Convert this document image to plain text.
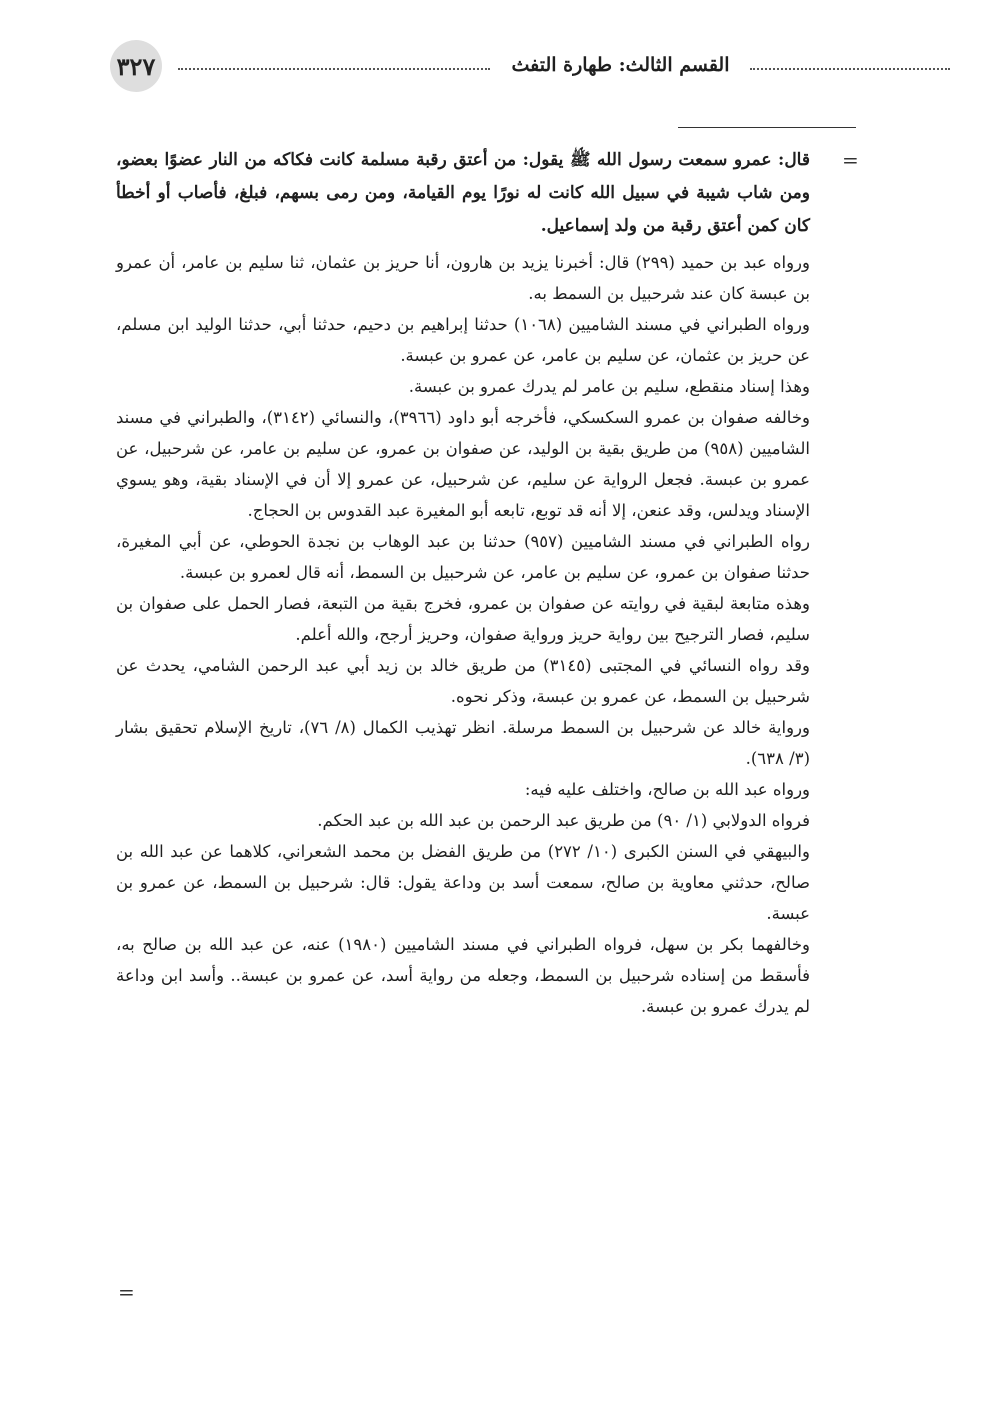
٣٢٧	القسم الثالث: طهارة التفث
=

قال: عمرو سمعت رسول الله ﷺ يقول: من أعتق رقبة مسلمة كانت فكاكه من النار عضوًا بعضو، ومن شاب شيبة في سبيل الله كانت له نورًا يوم القيامة، ومن رمى بسهم، فبلغ، فأصاب أو أخطأ كان كمن أعتق رقبة من ولد إسماعيل.

ورواه عبد بن حميد (٢٩٩) قال: أخبرنا يزيد بن هارون، أنا حريز بن عثمان، ثنا سليم بن عامر، أن عمرو بن عبسة كان عند شرحبيل بن السمط به.

ورواه الطبراني في مسند الشاميين (١٠٦٨) حدثنا إبراهيم بن دحيم، حدثنا أبي، حدثنا الوليد ابن مسلم، عن حريز بن عثمان، عن سليم بن عامر، عن عمرو بن عبسة.

وهذا إسناد منقطع، سليم بن عامر لم يدرك عمرو بن عبسة.

وخالفه صفوان بن عمرو السكسكي، فأخرجه أبو داود (٣٩٦٦)، والنسائي (٣١٤٢)، والطبراني في مسند الشاميين (٩٥٨) من طريق بقية بن الوليد، عن صفوان بن عمرو، عن سليم بن عامر، عن شرحبيل، عن عمرو بن عبسة. فجعل الرواية عن سليم، عن شرحبيل، عن عمرو إلا أن في الإسناد بقية، وهو يسوي الإسناد ويدلس، وقد عنعن، إلا أنه قد توبع، تابعه أبو المغيرة عبد القدوس بن الحجاج.

رواه الطبراني في مسند الشاميين (٩٥٧) حدثنا بن عبد الوهاب بن نجدة الحوطي، عن أبي المغيرة، حدثنا صفوان بن عمرو، عن سليم بن عامر، عن شرحبيل بن السمط، أنه قال لعمرو بن عبسة.

وهذه متابعة لبقية في روايته عن صفوان بن عمرو، فخرج بقية من التبعة، فصار الحمل على صفوان بن سليم، فصار الترجيح بين رواية حريز ورواية صفوان، وحريز أرجح، والله أعلم.

وقد رواه النسائي في المجتبى (٣١٤٥) من طريق خالد بن زيد أبي عبد الرحمن الشامي، يحدث عن شرحبيل بن السمط، عن عمرو بن عبسة، وذكر نحوه.

ورواية خالد عن شرحبيل بن السمط مرسلة. انظر تهذيب الكمال (٨/ ٧٦)، تاريخ الإسلام تحقيق بشار (٣/ ٦٣٨).

ورواه عبد الله بن صالح، واختلف عليه فيه:

فرواه الدولابي (١/ ٩٠) من طريق عبد الرحمن بن عبد الله بن عبد الحكم.

والبيهقي في السنن الكبرى (١٠/ ٢٧٢) من طريق الفضل بن محمد الشعراني، كلاهما عن عبد الله بن صالح، حدثني معاوية بن صالح، سمعت أسد بن وداعة يقول: قال: شرحبيل بن السمط، عن عمرو بن عبسة.

وخالفهما بكر بن سهل، فرواه الطبراني في مسند الشاميين (١٩٨٠) عنه، عن عبد الله بن صالح به، فأسقط من إسناده شرحبيل بن السمط، وجعله من رواية أسد، عن عمرو بن عبسة.. وأسد ابن وداعة لم يدرك عمرو بن عبسة.

=
